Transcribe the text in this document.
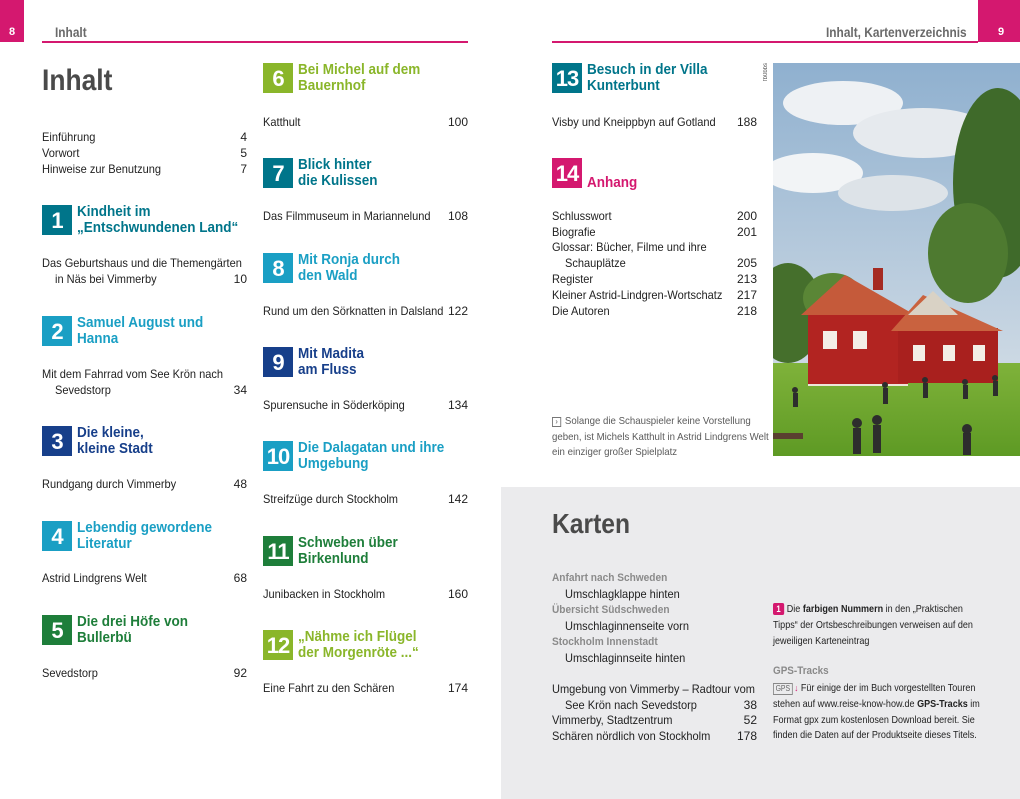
8	Inhalt
Inhalt
Einführung	4
Vorwort	5
Hinweise zur Benutzung	7
1 Kindheit im
„Entschwundenen Land“
Das Geburtshaus und die Themengärten
in Näs bei Vimmerby	10
2 Samuel August und
Hanna
Mit dem Fahrrad vom See Krön nach
Sevedstorp	34
3 Die kleine,
kleine Stadt
Rundgang durch Vimmerby	48
4 Lebendig gewordene
Literatur
Astrid Lindgrens Welt	68
5 Die drei Höfe von
Bullerbü
Sevedstorp	92
6 Bei Michel auf dem
Bauernhof
Katthult	100
7 Blick hinter
die Kulissen
Das Filmmuseum in Mariannelund 108
8 Mit Ronja durch
den Wald
Rund um den Sörknatten in Dalsland 122
9 Mit Madita
am Fluss
Spurensuche in Söderköping	134
10 Die Dalagatan und ihre
Umgebung
Streifzüge durch Stockholm	142
11 Schweben über
Birkenlund
Junibacken in Stockholm	160
12 „Nähme ich Flügel
der Morgenröte ...“
Eine Fahrt zu den Schären	174
Inhalt, Kartenverzeichnis	9
13 Besuch in der Villa
Kunterbunt
Visby und Kneippbyn auf Gotland 188
14 Anhang
Schlusswort	200
Biografie	201
Glossar: Bücher, Filme und ihre
Schauplätze	205
Register	213
Kleiner Astrid-Lindgren-Wortschatz 217
Die Autoren	218
› Solange die Schauspieler keine Vorstellung
geben, ist Michels Katthult in Astrid Lindgrens Welt
ein einziger großer Spielplatz
fb0bbs
Karten
Anfahrt nach Schweden
Umschlagklappe hinten
Übersicht Südschweden
Umschlaginnenseite vorn
Stockholm Innenstadt
Umschlaginnseite hinten
Umgebung von Vimmerby – Radtour vom
See Krön nach Sevedstorp	38
Vimmerby, Stadtzentrum	52
Schären nördlich von Stockholm 178
1 Die farbigen Nummern in den „Praktischen
Tipps“ der Ortsbeschreibungen verweisen auf den
jeweiligen Karteneintrag
GPS-Tracks
GPS ↓ Für einige der im Buch vorgestellten Touren
stehen auf www.reise-know-how.de GPS-Tracks im
Format gpx zum kostenlosen Download bereit. Sie
finden die Daten auf der Produktseite dieses Titels.
